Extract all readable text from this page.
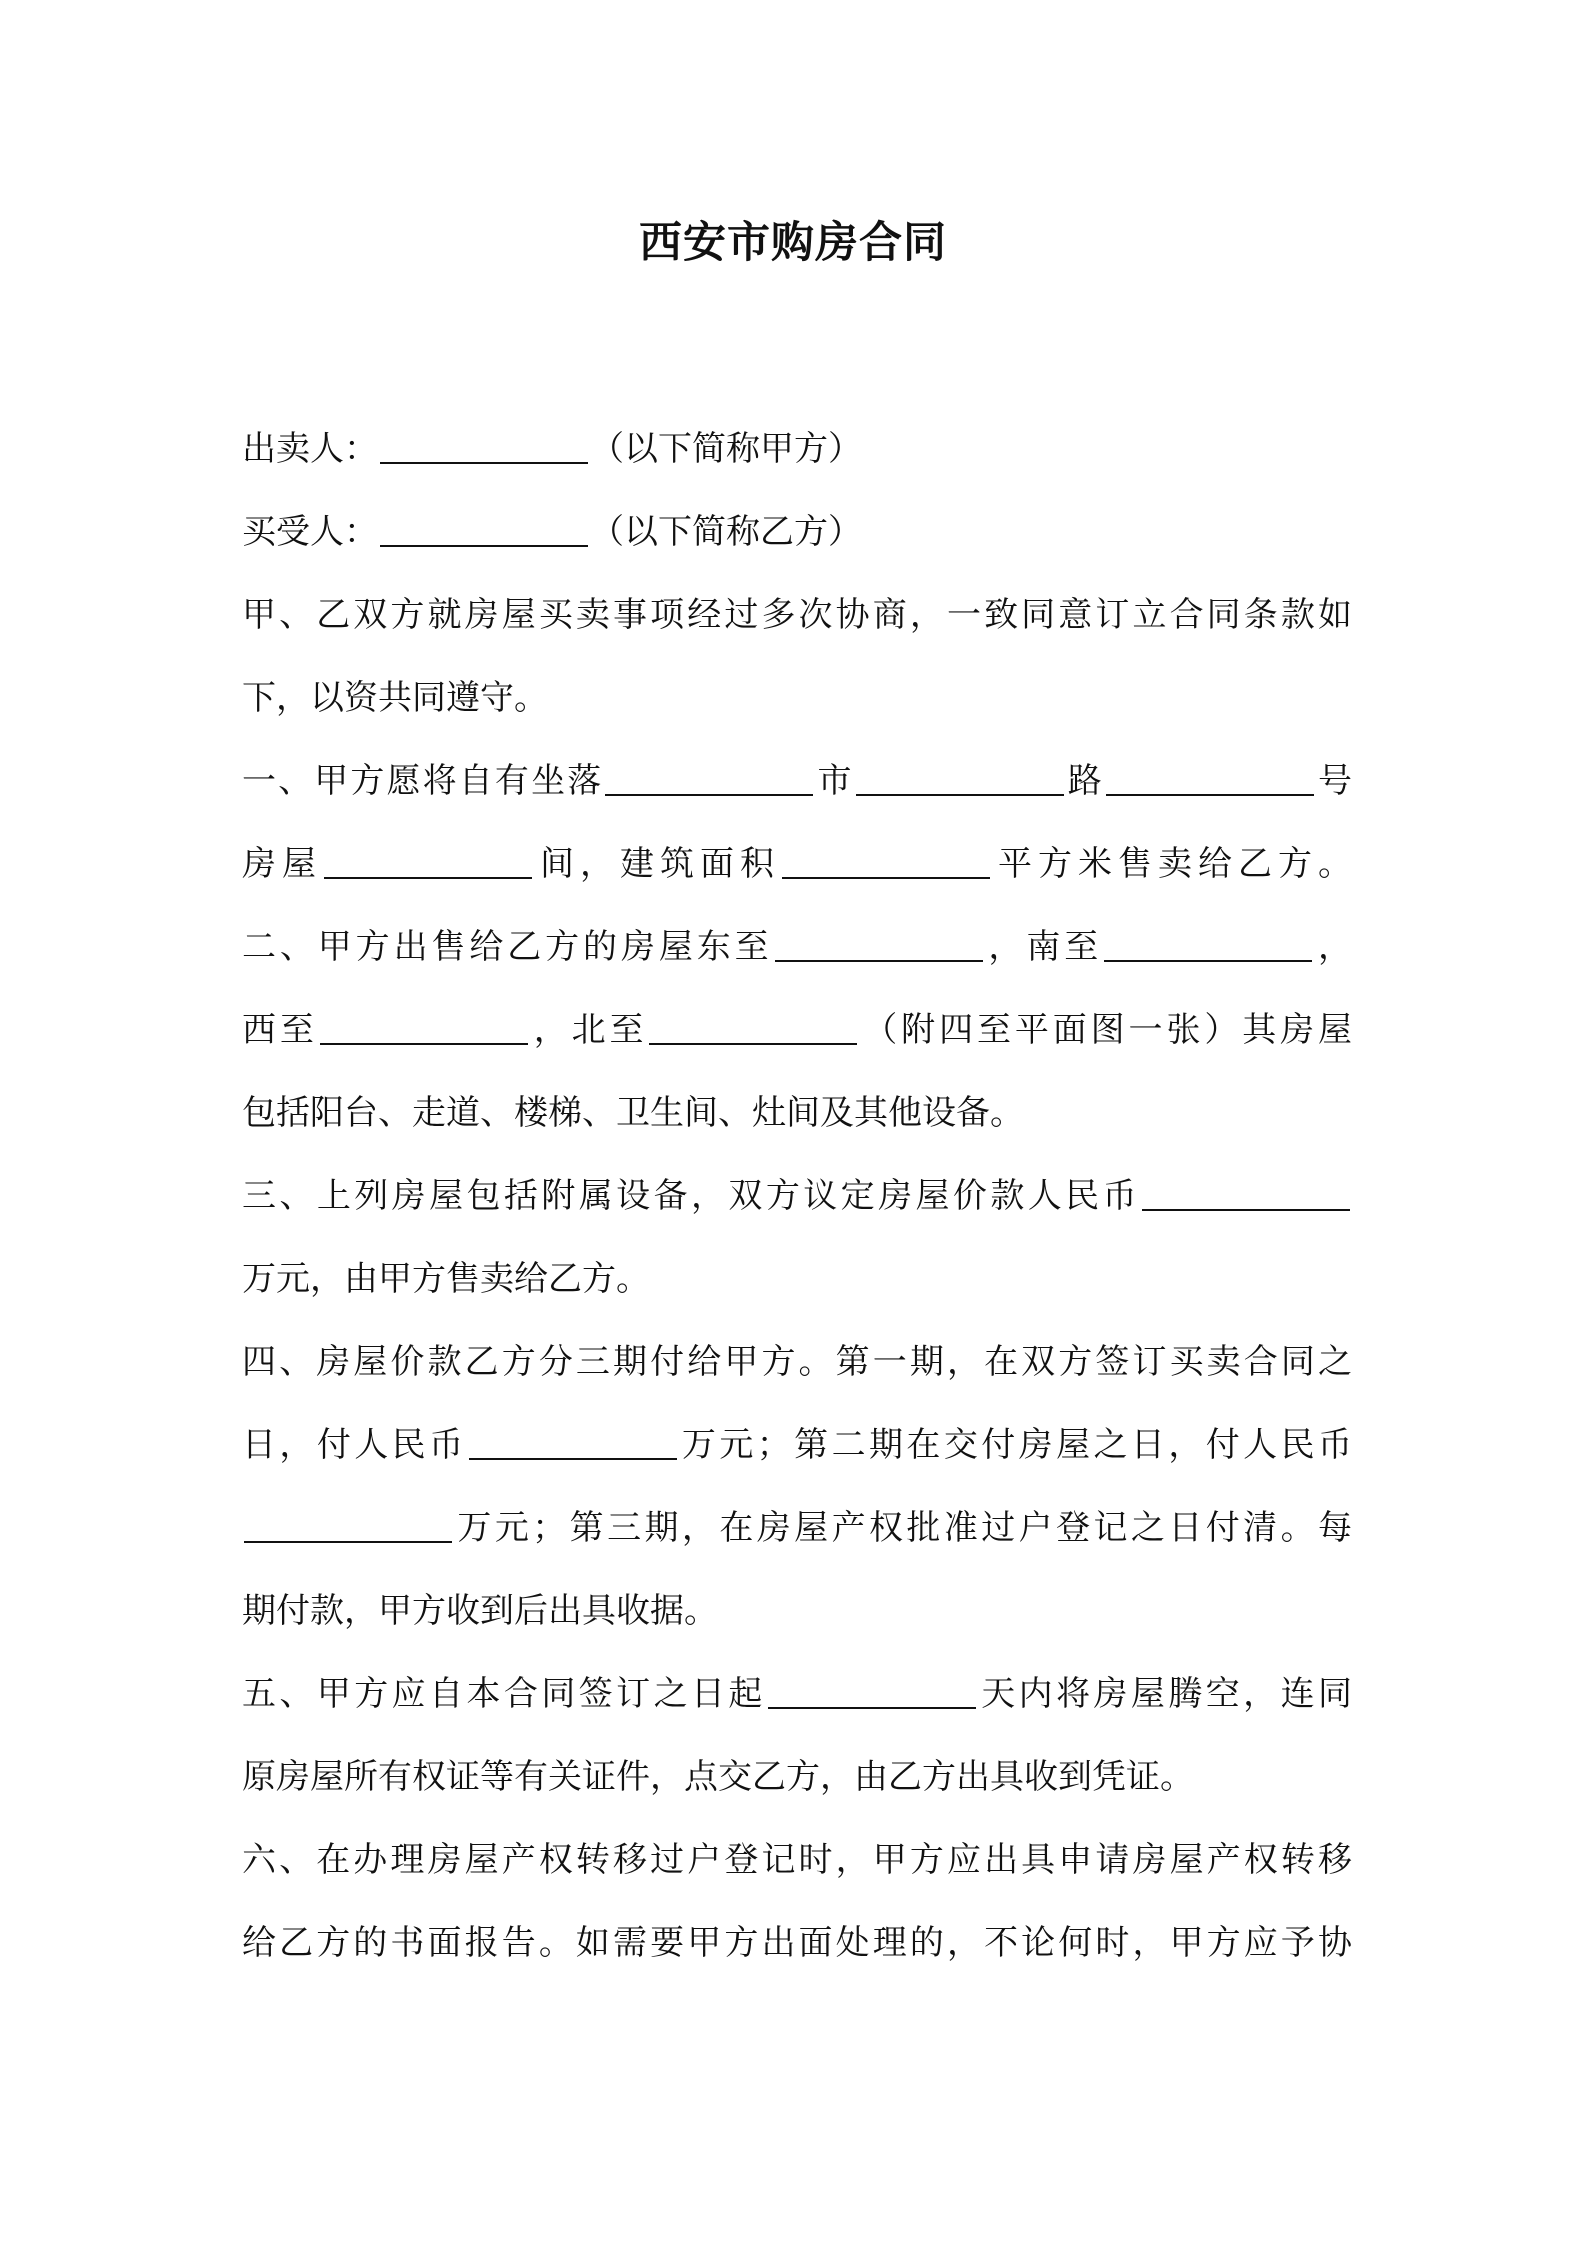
西安市购房合同
出卖人：	（以下简称甲方）
买受人：	（以下简称乙方）
甲、乙双方就房屋买卖事项经过多次协商，一致同意订立合同条款如
下，以资共同遵守。
一、甲方愿将自有坐落	市	路	号
房屋	间，建筑面积	平方米售卖给乙方。
二、甲方出售给乙方的房屋东至	，南至	，
西至	，北至	（附四至平面图一张）其房屋
包括阳台、走道、楼梯、卫生间、灶间及其他设备。
三、上列房屋包括附属设备，双方议定房屋价款人民币
万元，由甲方售卖给乙方。
四、房屋价款乙方分三期付给甲方。第一期，在双方签订买卖合同之
日，付人民币	万元；第二期在交付房屋之日，付人民币
万元；第三期，在房屋产权批准过户登记之日付清。每
期付款，甲方收到后出具收据。
五、甲方应自本合同签订之日起	天内将房屋腾空，连同
原房屋所有权证等有关证件，点交乙方，由乙方出具收到凭证。
六、在办理房屋产权转移过户登记时，甲方应出具申请房屋产权转移
给乙方的书面报告。如需要甲方出面处理的，不论何时，甲方应予协
